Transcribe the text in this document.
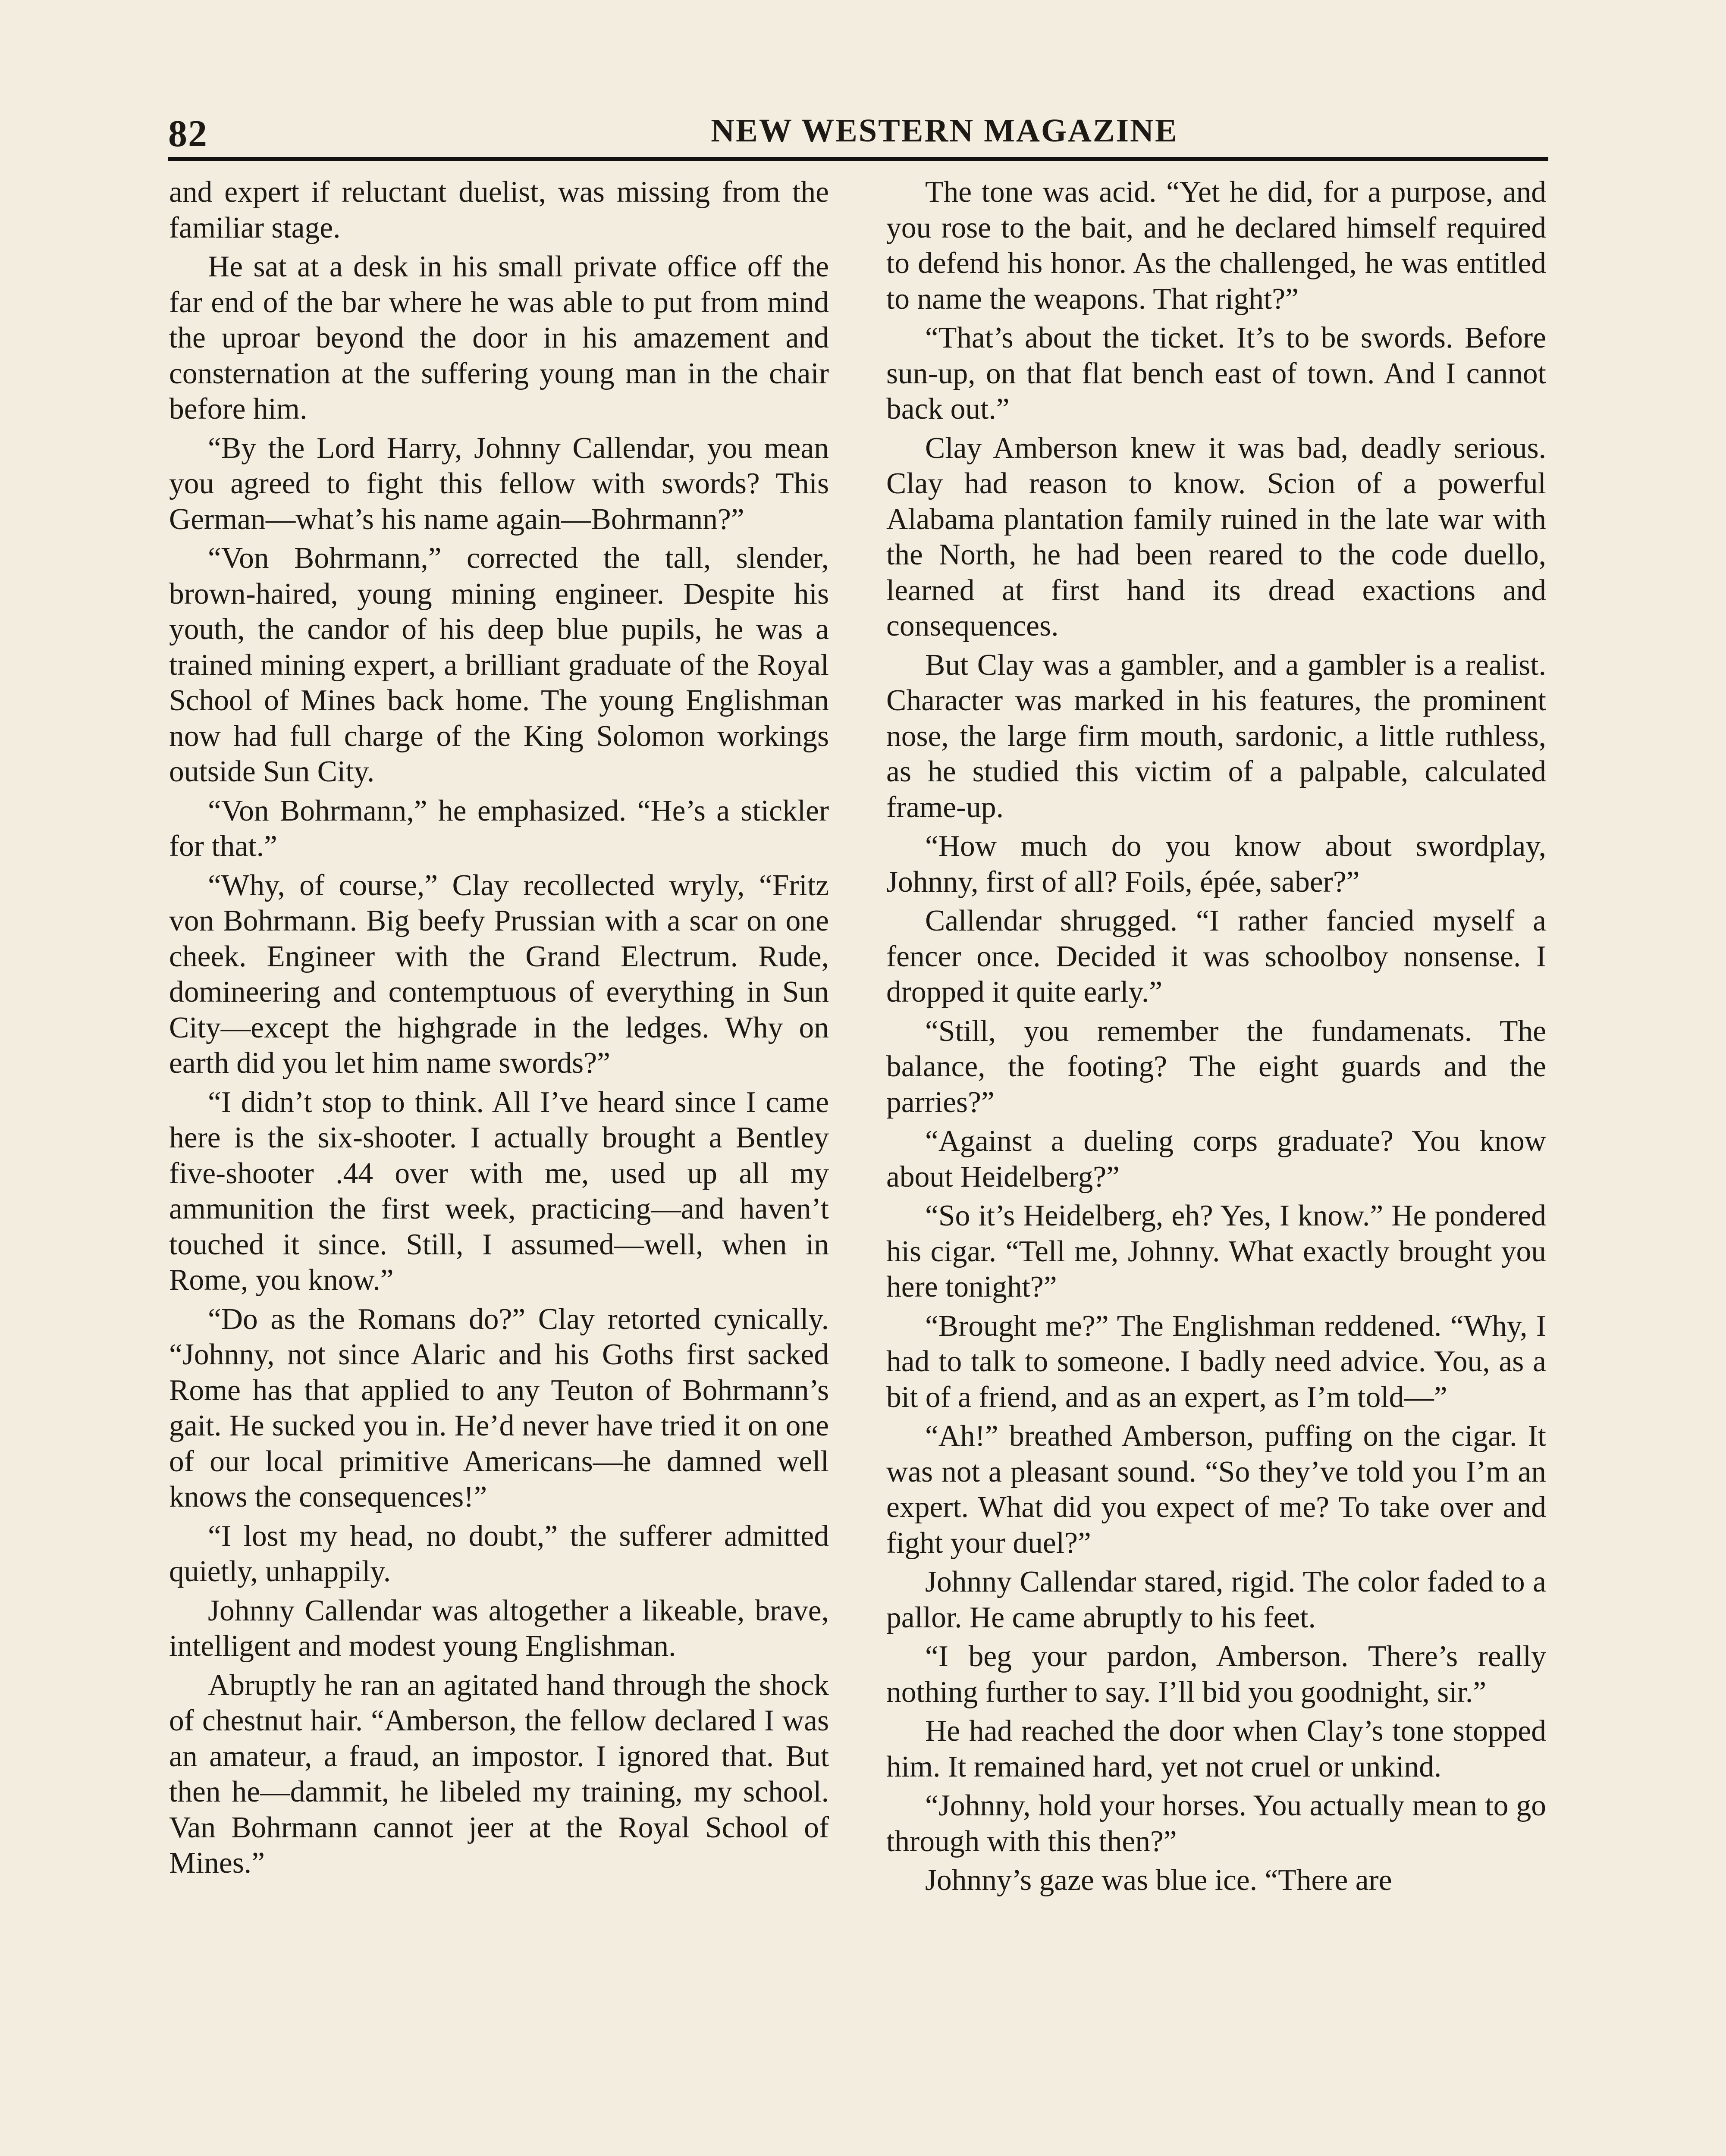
82	NEW WESTERN MAGAZINE

and expert if reluctant duelist, was missing from the familiar stage.

He sat at a desk in his small private office off the far end of the bar where he was able to put from mind the uproar beyond the door in his amazement and consternation at the suffering young man in the chair before him.

“By the Lord Harry, Johnny Callendar, you mean you agreed to fight this fellow with swords? This German—what’s his name again—Bohrmann?”

“Von Bohrmann,” corrected the tall, slender, brown-haired, young mining engineer. Despite his youth, the candor of his deep blue pupils, he was a trained mining expert, a brilliant graduate of the Royal School of Mines back home. The young Englishman now had full charge of the King Solomon workings outside Sun City.

“Von Bohrmann,” he emphasized. “He’s a stickler for that.”

“Why, of course,” Clay recollected wryly, “Fritz von Bohrmann. Big beefy Prussian with a scar on one cheek. Engineer with the Grand Electrum. Rude, domineering and contemptuous of everything in Sun City—except the highgrade in the ledges. Why on earth did you let him name swords?”

“I didn’t stop to think. All I’ve heard since I came here is the six-shooter. I actually brought a Bentley five-shooter .44 over with me, used up all my ammunition the first week, practicing—and haven’t touched it since. Still, I assumed—well, when in Rome, you know.”

“Do as the Romans do?” Clay retorted cynically. “Johnny, not since Alaric and his Goths first sacked Rome has that applied to any Teuton of Bohrmann’s gait. He sucked you in. He’d never have tried it on one of our local primitive Americans—he damned well knows the consequences!”

“I lost my head, no doubt,” the sufferer admitted quietly, unhappily.

Johnny Callendar was altogether a likeable, brave, intelligent and modest young Englishman.

Abruptly he ran an agitated hand through the shock of chestnut hair. “Amberson, the fellow declared I was an amateur, a fraud, an impostor. I ignored that. But then he—dammit, he libeled my training, my school. Van Bohrmann cannot jeer at the Royal School of Mines.”

The tone was acid. “Yet he did, for a purpose, and you rose to the bait, and he declared himself required to defend his honor. As the challenged, he was entitled to name the weapons. That right?”

“That’s about the ticket. It’s to be swords. Before sun-up, on that flat bench east of town. And I cannot back out.”

Clay Amberson knew it was bad, deadly serious. Clay had reason to know. Scion of a powerful Alabama plantation family ruined in the late war with the North, he had been reared to the code duello, learned at first hand its dread exactions and consequences.

But Clay was a gambler, and a gambler is a realist. Character was marked in his features, the prominent nose, the large firm mouth, sardonic, a little ruthless, as he studied this victim of a palpable, calculated frame-up.

“How much do you know about swordplay, Johnny, first of all? Foils, épée, saber?”

Callendar shrugged. “I rather fancied myself a fencer once. Decided it was schoolboy nonsense. I dropped it quite early.”

“Still, you remember the fundamenats. The balance, the footing? The eight guards and the parries?”

“Against a dueling corps graduate? You know about Heidelberg?”

“So it’s Heidelberg, eh? Yes, I know.” He pondered his cigar. “Tell me, Johnny. What exactly brought you here tonight?”

“Brought me?” The Englishman reddened. “Why, I had to talk to someone. I badly need advice. You, as a bit of a friend, and as an expert, as I’m told—”

“Ah!” breathed Amberson, puffing on the cigar. It was not a pleasant sound. “So they’ve told you I’m an expert. What did you expect of me? To take over and fight your duel?”

Johnny Callendar stared, rigid. The color faded to a pallor. He came abruptly to his feet.

“I beg your pardon, Amberson. There’s really nothing further to say. I’ll bid you goodnight, sir.”

He had reached the door when Clay’s tone stopped him. It remained hard, yet not cruel or unkind.

“Johnny, hold your horses. You actually mean to go through with this then?”

Johnny’s gaze was blue ice. “There are
